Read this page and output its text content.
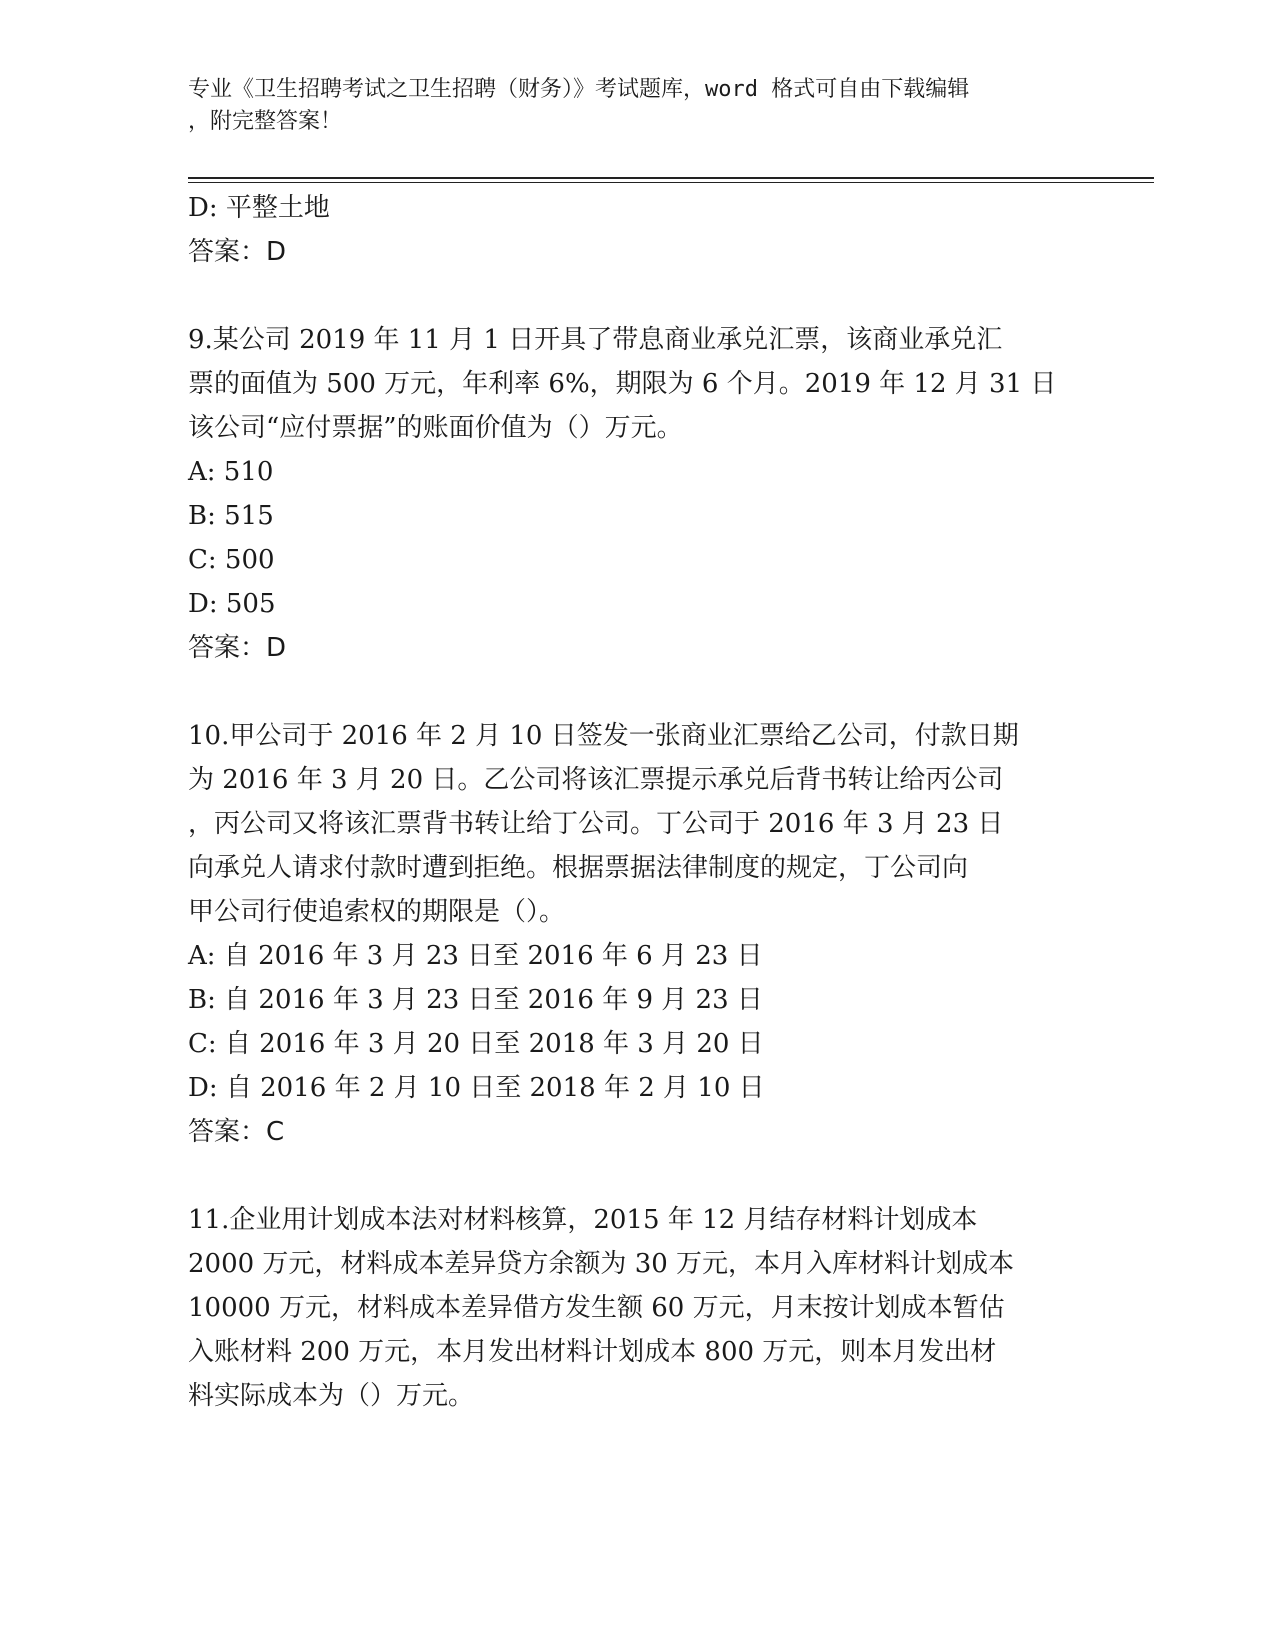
专业《卫生招聘考试之卫生招聘（财务）》考试题库，word 格式可自由下载编辑

，附完整答案！

D: 平整土地

答案：D

9.某公司 2019 年 11 月 1 日开具了带息商业承兑汇票，该商业承兑汇

票的面值为 500 万元，年利率 6%，期限为 6 个月。2019 年 12 月 31 日

该公司“应付票据”的账面价值为（）万元。

A: 510

B: 515

C: 500

D: 505

答案：D

10.甲公司于 2016 年 2 月 10 日签发一张商业汇票给乙公司，付款日期

为 2016 年 3 月 20 日。乙公司将该汇票提示承兑后背书转让给丙公司

，丙公司又将该汇票背书转让给丁公司。丁公司于 2016 年 3 月 23 日

向承兑人请求付款时遭到拒绝。根据票据法律制度的规定，丁公司向

甲公司行使追索权的期限是（）。

A: 自 2016 年 3 月 23 日至 2016 年 6 月 23 日

B: 自 2016 年 3 月 23 日至 2016 年 9 月 23 日

C: 自 2016 年 3 月 20 日至 2018 年 3 月 20 日

D: 自 2016 年 2 月 10 日至 2018 年 2 月 10 日

答案：C

11.企业用计划成本法对材料核算，2015 年 12 月结存材料计划成本

2000 万元，材料成本差异贷方余额为 30 万元，本月入库材料计划成本

10000 万元，材料成本差异借方发生额 60 万元，月末按计划成本暂估

入账材料 200 万元，本月发出材料计划成本 800 万元，则本月发出材

料实际成本为（）万元。
